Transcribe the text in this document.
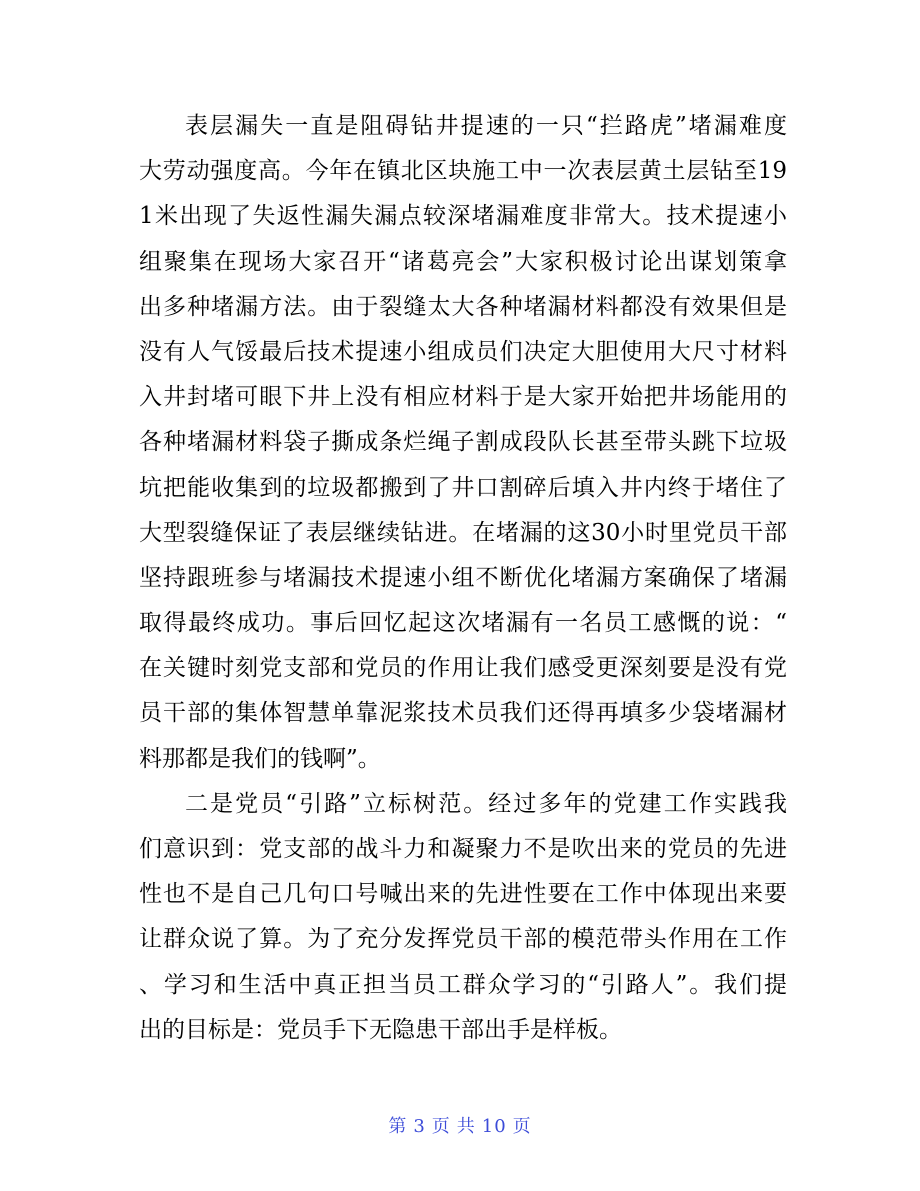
表层漏失一直是阻碍钻井提速的一只“拦路虎”堵漏难度
大劳动强度高。今年在镇北区块施工中一次表层黄土层钻至19
1米出现了失返性漏失漏点较深堵漏难度非常大。技术提速小
组聚集在现场大家召开“诸葛亮会”大家积极讨论出谋划策拿
出多种堵漏方法。由于裂缝太大各种堵漏材料都没有效果但是
没有人气馁最后技术提速小组成员们决定大胆使用大尺寸材料
入井封堵可眼下井上没有相应材料于是大家开始把井场能用的
各种堵漏材料袋子撕成条烂绳子割成段队长甚至带头跳下垃圾
坑把能收集到的垃圾都搬到了井口割碎后填入井内终于堵住了
大型裂缝保证了表层继续钻进。在堵漏的这30小时里党员干部
坚持跟班参与堵漏技术提速小组不断优化堵漏方案确保了堵漏
取得最终成功。事后回忆起这次堵漏有一名员工感慨的说：“
在关键时刻党支部和党员的作用让我们感受更深刻要是没有党
员干部的集体智慧单靠泥浆技术员我们还得再填多少袋堵漏材
料那都是我们的钱啊”。
二是党员“引路”立标树范。经过多年的党建工作实践我
们意识到：党支部的战斗力和凝聚力不是吹出来的党员的先进
性也不是自己几句口号喊出来的先进性要在工作中体现出来要
让群众说了算。为了充分发挥党员干部的模范带头作用在工作
、学习和生活中真正担当员工群众学习的“引路人”。我们提
出的目标是：党员手下无隐患干部出手是样板。
第 3 页 共 10 页
